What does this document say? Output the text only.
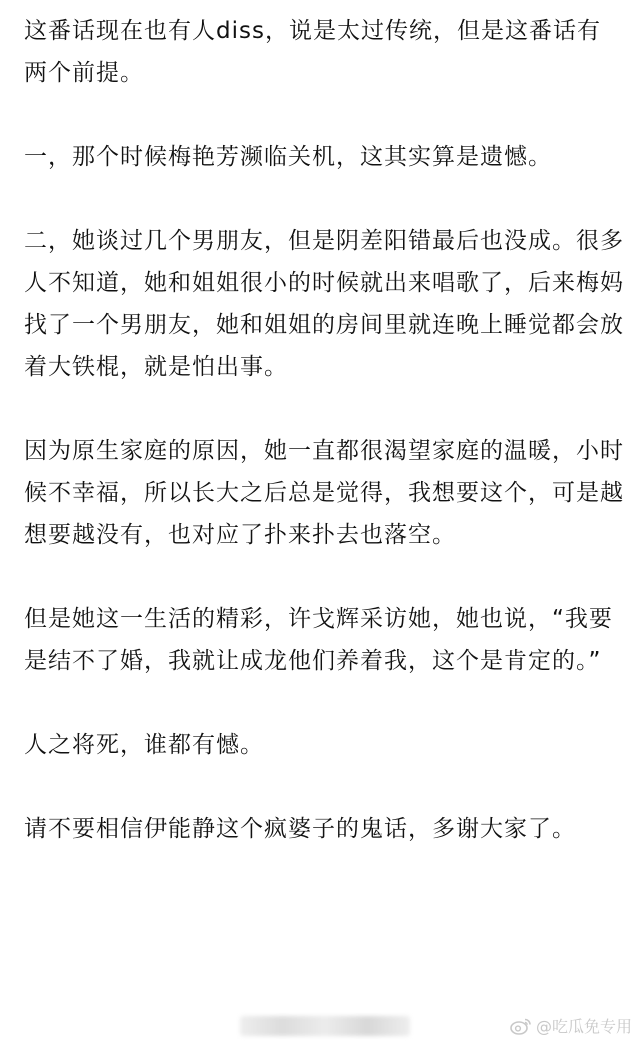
这番话现在也有人diss，说是太过传统，但是这番话有两个前提。

一，那个时候梅艳芳濒临关机，这其实算是遗憾。

二，她谈过几个男朋友，但是阴差阳错最后也没成。很多人不知道，她和姐姐很小的时候就出来唱歌了，后来梅妈找了一个男朋友，她和姐姐的房间里就连晚上睡觉都会放着大铁棍，就是怕出事。

因为原生家庭的原因，她一直都很渴望家庭的温暖，小时候不幸福，所以长大之后总是觉得，我想要这个，可是越想要越没有，也对应了扑来扑去也落空。

但是她这一生活的精彩，许戈辉采访她，她也说，“我要是结不了婚，我就让成龙他们养着我，这个是肯定的。”

人之将死，谁都有憾。

请不要相信伊能静这个疯婆子的鬼话，多谢大家了。

@吃瓜免专用
